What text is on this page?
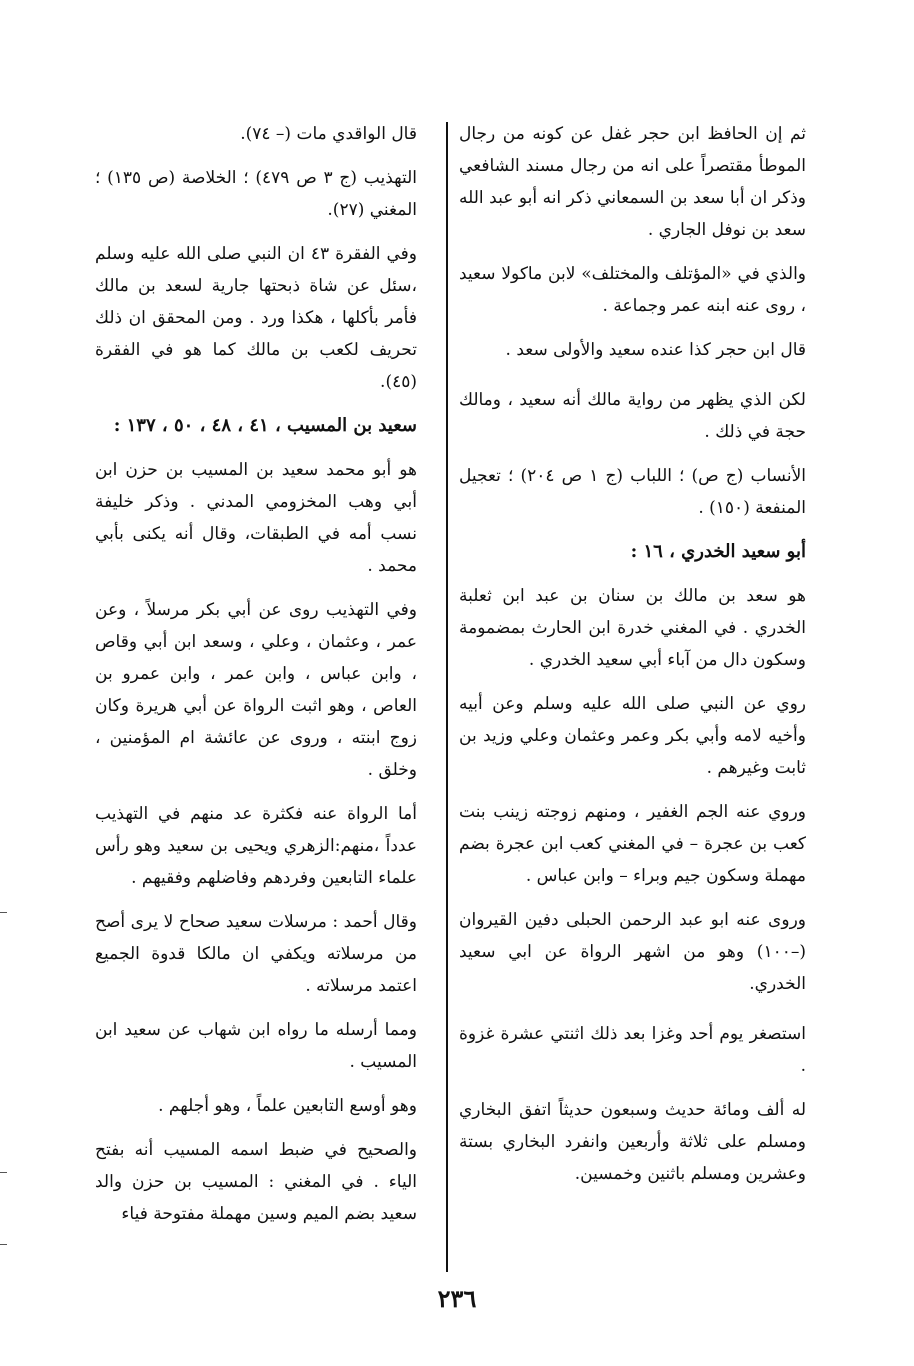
ثم إن الحافظ ابن حجر غفل عن كونه من رجال الموطأ مقتصراً على انه من رجال مسند الشافعي وذكر ان أبا سعد بن السمعاني ذكر انه أبو عبد الله سعد بن نوفل الجاري .

والذي في «المؤتلف والمختلف» لابن ماكولا سعيد ، روى عنه ابنه عمر وجماعة .

قال ابن حجر كذا عنده سعيد والأولى سعد .

لكن الذي يظهر من رواية مالك أنه سعيد ، ومالك حجة في ذلك .

الأنساب (ج ص) ؛ اللباب (ج ١ ص ٢٠٤) ؛ تعجيل المنفعة (١٥٠) .

أبو سعيد الخدري ، ١٦ :

هو سعد بن مالك بن سنان بن عبد ابن ثعلبة الخدري . في المغني خدرة ابن الحارث بمضمومة وسكون دال من آباء أبي سعيد الخدري .

روي عن النبي صلى الله عليه وسلم وعن أبيه وأخيه لامه وأبي بكر وعمر وعثمان وعلي وزيد بن ثابت وغيرهم .

وروي عنه الجم الغفير ، ومنهم زوجته زينب بنت كعب بن عجرة – في المغني كعب ابن عجرة بضم مهملة وسكون جيم وبراء – وابن عباس .

وروى عنه ابو عبد الرحمن الحبلى دفين القيروان (–١٠٠) وهو من اشهر الرواة عن ابي سعيد الخدري.

استصغر يوم أحد وغزا بعد ذلك اثنتي عشرة غزوة .

له ألف ومائة حديث وسبعون حديثاً اتفق البخاري ومسلم على ثلاثة وأربعين وانفرد البخاري بستة وعشرين ومسلم باثنين وخمسين.

قال الواقدي مات (– ٧٤).

التهذيب (ج ٣ ص ٤٧٩) ؛ الخلاصة (ص ١٣٥) ؛ المغني (٢٧).

وفي الفقرة ٤٣ ان النبي صلى الله عليه وسلم ،سئل عن شاة ذبحتها جارية لسعد بن مالك فأمر بأكلها ، هكذا ورد . ومن المحقق ان ذلك تحريف لكعب بن مالك كما هو في الفقرة (٤٥).

سعيد بن المسيب ، ٤١ ، ٤٨ ، ٥٠ ، ١٣٧ :

هو أبو محمد سعيد بن المسيب بن حزن ابن أبي وهب المخزومي المدني . وذكر خليفة نسب أمه في الطبقات، وقال أنه يكنى بأبي محمد .

وفي التهذيب روى عن أبي بكر مرسلاً ، وعن عمر ، وعثمان ، وعلي ، وسعد ابن أبي وقاص ، وابن عباس ، وابن عمر ، وابن عمرو بن العاص ، وهو اثبت الرواة عن أبي هريرة وكان زوج ابنته ، وروى عن عائشة ام المؤمنين ، وخلق .

أما الرواة عنه فكثرة عد منهم في التهذيب عدداً ،منهم:الزهري ويحيى بن سعيد وهو رأس علماء التابعين وفردهم وفاضلهم وفقيهم .

وقال أحمد : مرسلات سعيد صحاح لا يرى أصح من مرسلاته ويكفي ان مالكا قدوة الجميع اعتمد مرسلاته .

ومما أرسله ما رواه ابن شهاب عن سعيد ابن المسيب .

وهو أوسع التابعين علماً ، وهو أجلهم .

والصحيح في ضبط اسمه المسيب أنه بفتح الياء . في المغني : المسيب بن حزن والد سعيد بضم الميم وسين مهملة مفتوحة فياء

٢٣٦
